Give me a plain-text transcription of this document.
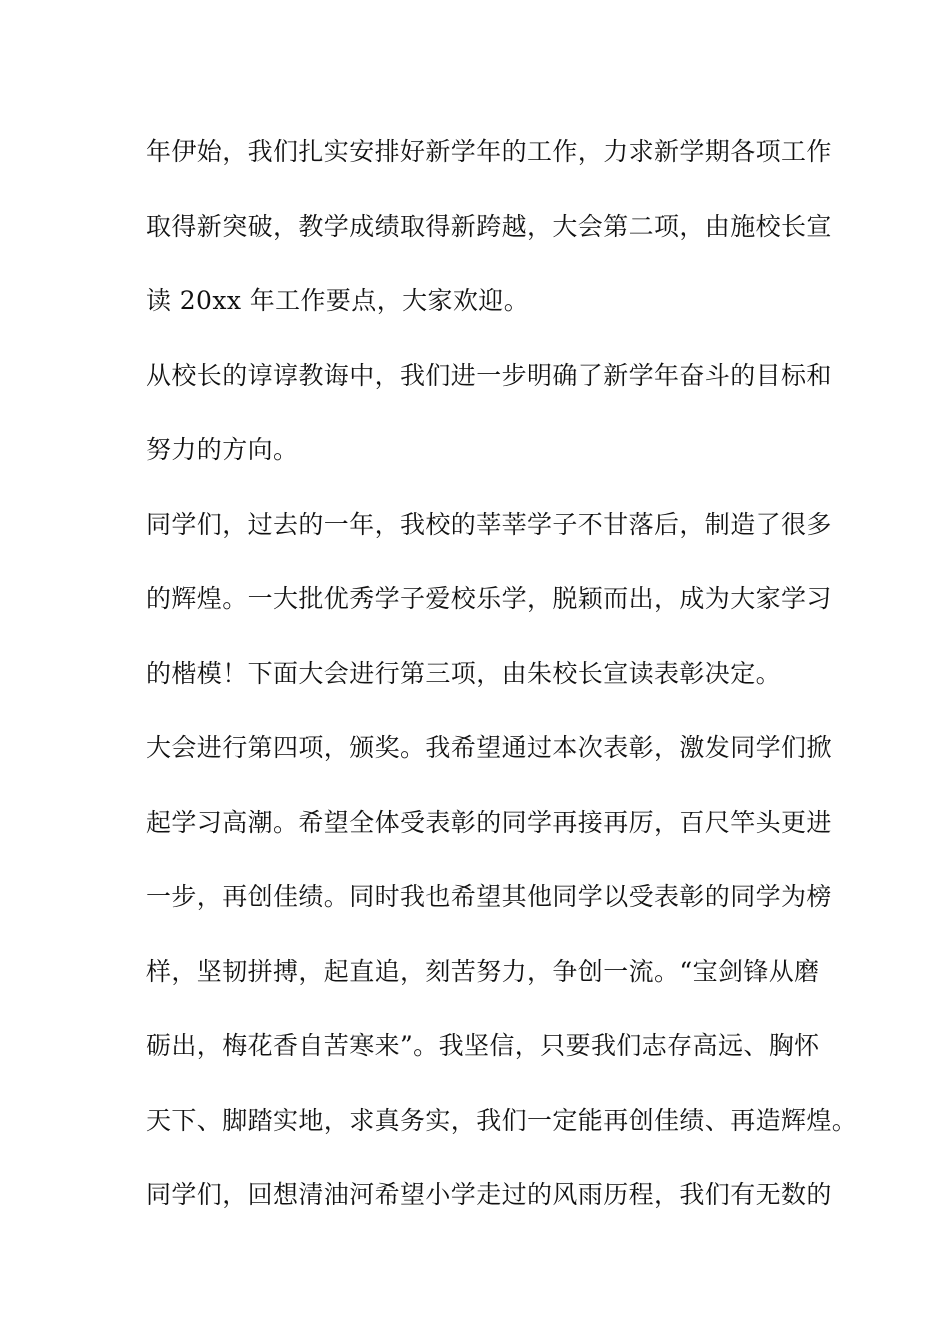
年伊始，我们扎实安排好新学年的工作，力求新学期各项工作
取得新突破，教学成绩取得新跨越，大会第二项，由施校长宣
读 20xx 年工作要点，大家欢迎。
从校长的谆谆教诲中，我们进一步明确了新学年奋斗的目标和
努力的方向。
同学们，过去的一年，我校的莘莘学子不甘落后，制造了很多
的辉煌。一大批优秀学子爱校乐学，脱颖而出，成为大家学习
的楷模！下面大会进行第三项，由朱校长宣读表彰决定。
大会进行第四项，颁奖。我希望通过本次表彰，激发同学们掀
起学习高潮。希望全体受表彰的同学再接再厉，百尺竿头更进
一步，再创佳绩。同时我也希望其他同学以受表彰的同学为榜
样，坚韧拼搏，起直追，刻苦努力，争创一流。“宝剑锋从磨
砺出，梅花香自苦寒来”。我坚信，只要我们志存高远、胸怀
天下、脚踏实地，求真务实，我们一定能再创佳绩、再造辉煌。
同学们，回想清油河希望小学走过的风雨历程，我们有无数的
